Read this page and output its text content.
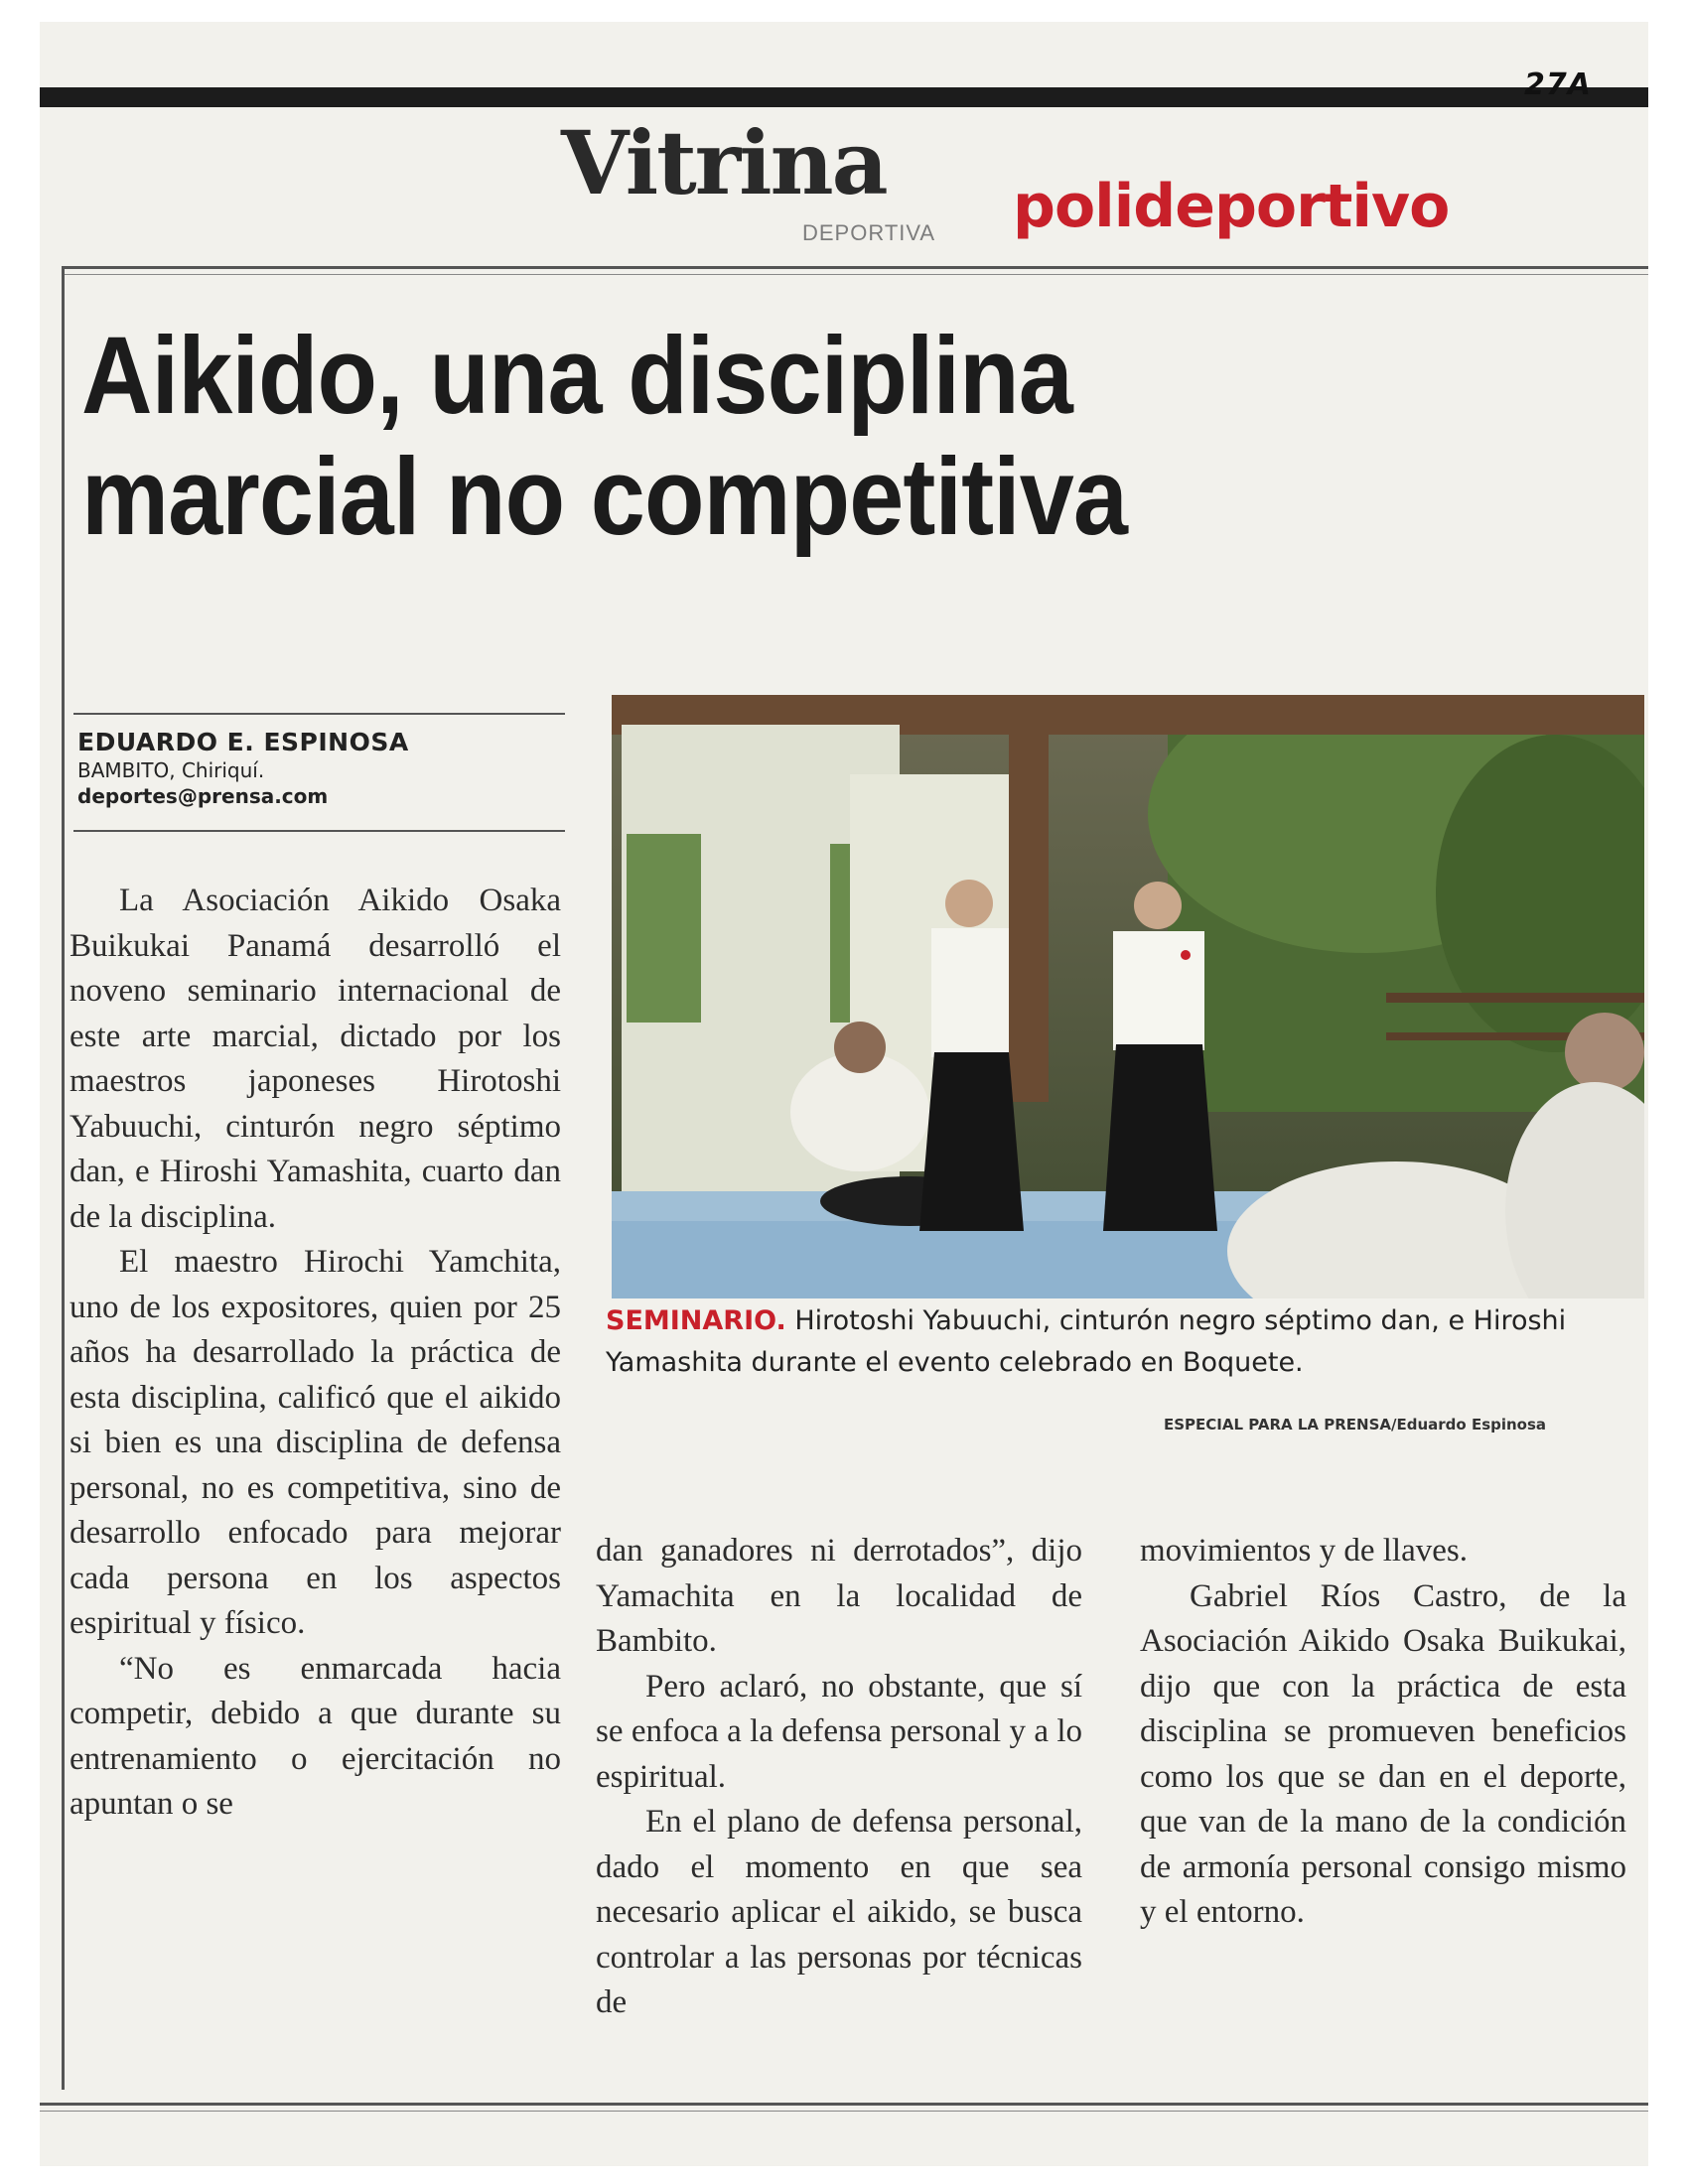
27A
Vitrina
DEPORTIVA polideportivo
Aikido, una disciplina marcial no competitiva
EDUARDO E. ESPINOSA
BAMBITO, Chiriquí.
deportes@prensa.com

La Asociación Aikido Osaka Buikukai Panamá desarrolló el noveno seminario internacional de este arte marcial, dictado por los maestros japoneses Hirotoshi Yabuuchi, cinturón negro séptimo dan, e Hiroshi Yamashita, cuarto dan de la disciplina.

El maestro Hirochi Yamchita, uno de los expositores, quien por 25 años ha desarrollado la práctica de esta disciplina, calificó que el aikido si bien es una disciplina de defensa personal, no es competitiva, sino de desarrollo enfocado para mejorar cada persona en los aspectos espiritual y físico.

“No es enmarcada hacia competir, debido a que durante su entrenamiento o ejercitación no apuntan o se

SEMINARIO. Hirotoshi Yabuuchi, cinturón negro séptimo dan, e Hiroshi Yamashita durante el evento celebrado en Boquete.
ESPECIAL PARA LA PRENSA/Eduardo Espinosa

dan ganadores ni derrotados”, dijo Yamachita en la localidad de Bambito.

Pero aclaró, no obstante, que sí se enfoca a la defensa personal y a lo espiritual.

En el plano de defensa personal, dado el momento en que sea necesario aplicar el aikido, se busca controlar a las personas por técnicas de

movimientos y de llaves.

Gabriel Ríos Castro, de la Asociación Aikido Osaka Buikukai, dijo que con la práctica de esta disciplina se promueven beneficios como los que se dan en el deporte, que van de la mano de la condición de armonía personal consigo mismo y el entorno.
